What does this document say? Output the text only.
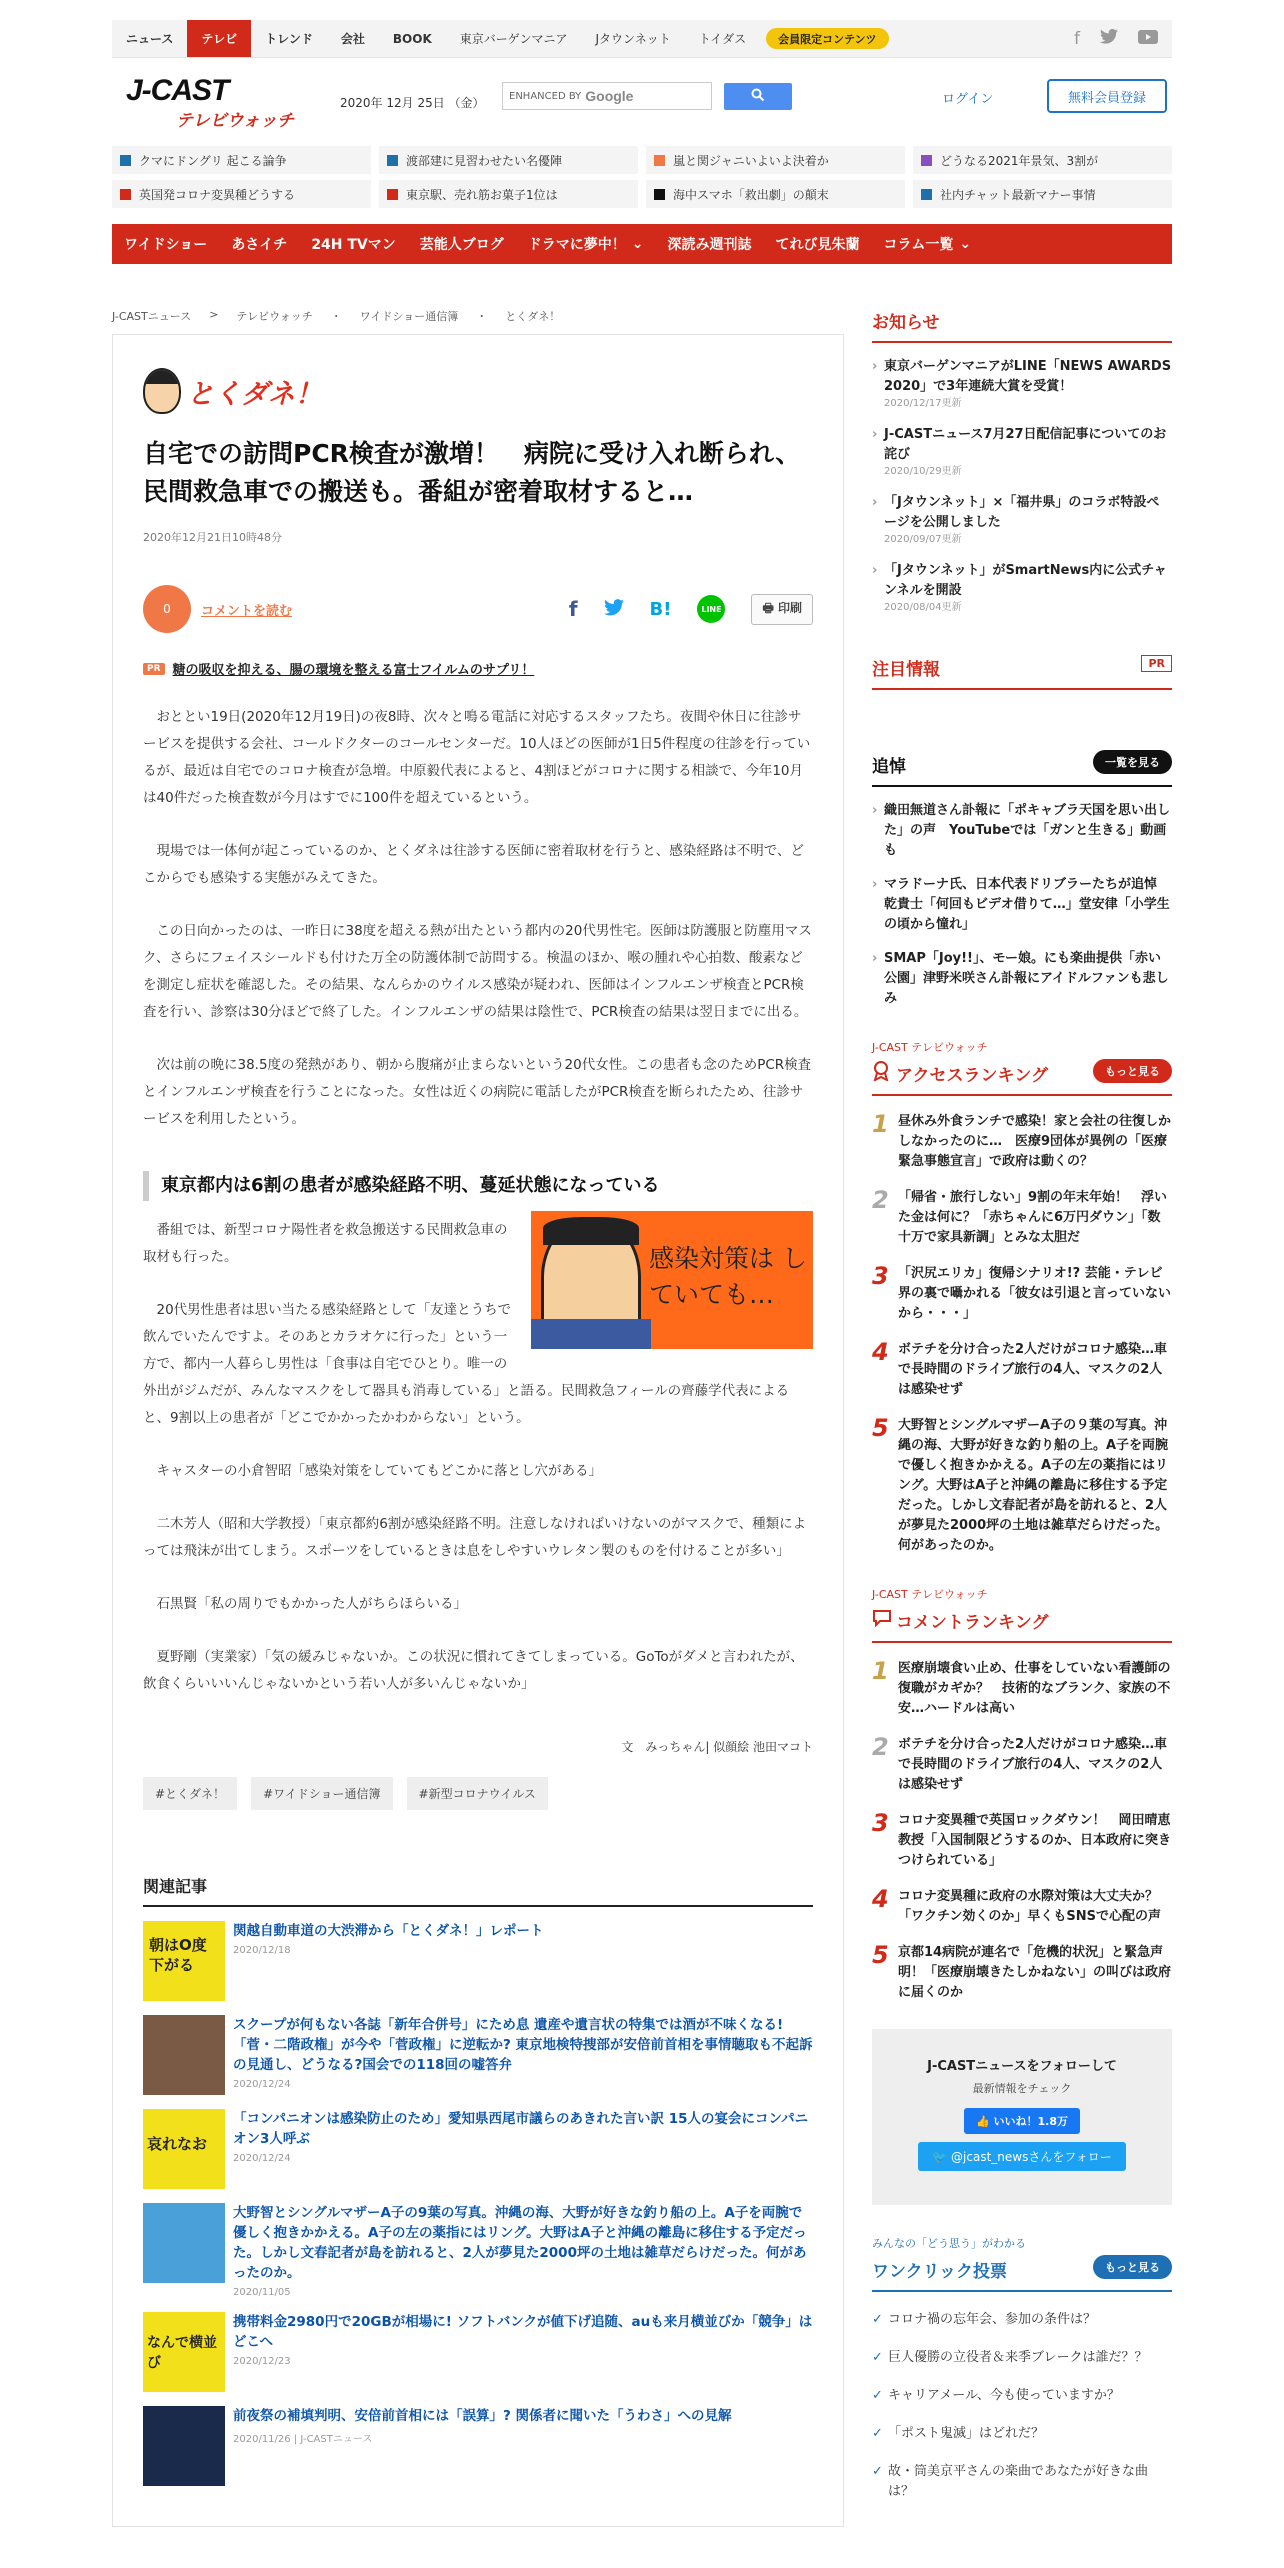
ニュース	テレビ	トレンド	会社	BOOK	東京バーゲンマニア	Jタウンネット	トイダス	会員限定コンテンツ	f
J-CAST
テレビウォッチ
2020年 12月 25日 （金） ENHANCED BY Google	ログイン	無料会員登録
クマにドングリ 起こる論争	渡部建に見習わせたい名優陣	嵐と関ジャニいよいよ決着か	どうなる2021年景気、3割が
英国発コロナ変異種どうする	東京駅、売れ筋お菓子1位は	海中スマホ「救出劇」の顛末	社内チャット最新マナー事情
ワイドショー	あさイチ	24H TVマン	芸能人ブログ	ドラマに夢中！ ⌄	深読み週刊誌	てれび見朱蘭	コラム一覧 ⌄
J-CASTニュース > テレビウォッチ ・ ワイドショー通信簿 ・ とくダネ！
とくダネ！
自宅での訪問PCR検査が激増！　病院に受け入れ断られ、民間救急車での搬送も。番組が密着取材すると…
2020年12月21日10時48分
0	コメントを読む	f	B!	LINE	🖶 印刷
PR 糖の吸収を抑える、腸の環境を整える富士フイルムのサプリ！

おととい19日(2020年12月19日)の夜8時、次々と鳴る電話に対応するスタッフたち。夜間や休日に往診サービスを提供する会社、コールドクターのコールセンターだ。10人ほどの医師が1日5件程度の往診を行っているが、最近は自宅でのコロナ検査が急増。中原毅代表によると、4割ほどがコロナに関する相談で、今年10月は40件だった検査数が今月はすでに100件を超えているという。

現場では一体何が起こっているのか、とくダネは往診する医師に密着取材を行うと、感染経路は不明で、どこからでも感染する実態がみえてきた。

この日向かったのは、一昨日に38度を超える熱が出たという都内の20代男性宅。医師は防護服と防塵用マスク、さらにフェイスシールドも付けた万全の防護体制で訪問する。検温のほか、喉の腫れや心拍数、酸素などを測定し症状を確認した。その結果、なんらかのウイルス感染が疑われ、医師はインフルエンザ検査とPCR検査を行い、診察は30分ほどで終了した。インフルエンザの結果は陰性で、PCR検査の結果は翌日までに出る。

次は前の晩に38.5度の発熱があり、朝から腹痛が止まらないという20代女性。この患者も念のためPCR検査とインフルエンザ検査を行うことになった。女性は近くの病院に電話したがPCR検査を断られたため、往診サービスを利用したという。

東京都内は6割の患者が感染経路不明、蔓延状態になっている
感染対策は していても…

番組では、新型コロナ陽性者を救急搬送する民間救急車の取材も行った。

20代男性患者は思い当たる感染経路として「友達とうちで飲んでいたんですよ。そのあとカラオケに行った」という一方で、都内一人暮らし男性は「食事は自宅でひとり。唯一の外出がジムだが、みんなマスクをして器具も消毒している」と語る。民間救急フィールの齊藤学代表によると、9割以上の患者が「どこでかかったかわからない」という。

キャスターの小倉智昭「感染対策をしていてもどこかに落とし穴がある」

二木芳人（昭和大学教授）「東京都約6割が感染経路不明。注意しなければいけないのがマスクで、種類によっては飛沫が出てしまう。スポーツをしているときは息をしやすいウレタン製のものを付けることが多い」

石黒賢「私の周りでもかかった人がちらほらいる」

夏野剛（実業家）「気の緩みじゃないか。この状況に慣れてきてしまっている。GoToがダメと言われたが、飲食くらいいいんじゃないかという若い人が多いんじゃないか」

文　みっちゃん| 似顔絵 池田マコト
#とくダネ！	#ワイドショー通信簿	#新型コロナウイルス
関連記事
朝はO度 下がる
関越自動車道の大渋滞から「とくダネ！」レポート
2020/12/18
スクープが何もない各誌「新年合併号」にため息 遺産や遺言状の特集では酒が不味くなる! 「菅・二階政権」が今や「菅政権」に逆転か? 東京地検特捜部が安倍前首相を事情聴取も不起訴の見通し、どうなる?国会での118回の嘘答弁
2020/12/24
哀れなお
「コンパニオンは感染防止のため」愛知県西尾市議らのあきれた言い訳 15人の宴会にコンパニオン3人呼ぶ
2020/12/24
大野智とシングルマザーA子の9葉の写真。沖縄の海、大野が好きな釣り船の上。A子を両腕で優しく抱きかかえる。A子の左の薬指にはリング。大野はA子と沖縄の離島に移住する予定だった。しかし文春記者が島を訪れると、2人が夢見た2000坪の土地は雑草だらけだった。何があったのか。
2020/11/05
なんで横並び
携帯料金2980円で20GBが相場に! ソフトバンクが値下げ追随、auも来月横並びか「競争」はどこへ
2020/12/23
前夜祭の補填判明、安倍前首相には「誤算」? 関係者に聞いた「うわさ」への見解
2020/11/26 | J-CASTニュース
お知らせ
› 東京バーゲンマニアがLINE「NEWS AWARDS 2020」で3年連続大賞を受賞！
2020/12/17更新
› J-CASTニュース7月27日配信記事についてのお詫び
2020/10/29更新
› 「Jタウンネット」×「福井県」のコラボ特設ページを公開しました
2020/09/07更新
› 「Jタウンネット」がSmartNews内に公式チャンネルを開設
2020/08/04更新
注目情報	PR
追悼	一覧を見る
› 織田無道さん訃報に「ポキャブラ天国を思い出した」の声　YouTubeでは「ガンと生きる」動画も
› マラドーナ氏、日本代表ドリブラーたちが追悼　乾貴士「何回もビデオ借りて…」堂安律「小学生の頃から憧れ」
› SMAP「Joy!!」、モー娘。にも楽曲提供「赤い公園」津野米咲さん訃報にアイドルファンも悲しみ
J-CAST テレビウォッチ
アクセスランキング	もっと見る
1 昼休み外食ランチで感染！家と会社の往復しかしなかったのに…　医療9団体が異例の「医療緊急事態宣言」で政府は動くの？
2 「帰省・旅行しない」9割の年末年始！　浮いた金は何に？「赤ちゃんに6万円ダウン」「数十万で家具新調」とみな太胆だ
3 「沢尻エリカ」復帰シナリオ!? 芸能・テレビ界の裏で囁かれる「彼女は引退と言っていないから・・・」
4 ボテチを分け合った2人だけがコロナ感染…車で長時間のドライブ旅行の4人、マスクの2人は感染せず
5 大野智とシングルマザーA子の９葉の写真。沖縄の海、大野が好きな釣り船の上。A子を両腕で優しく抱きかかえる。A子の左の薬指にはリング。大野はA子と沖縄の離島に移住する予定だった。しかし文春記者が島を訪れると、2人が夢見た2000坪の土地は雑草だらけだった。何があったのか。
J-CAST テレビウォッチ
コメントランキング
1 医療崩壊食い止め、仕事をしていない看護師の復職がカギか？　技術的なブランク、家族の不安…ハードルは高い
2 ボテチを分け合った2人だけがコロナ感染…車で長時間のドライブ旅行の4人、マスクの2人は感染せず
3 コロナ変異種で英国ロックダウン！　岡田晴恵教授「入国制限どうするのか、日本政府に突きつけられている」
4 コロナ変異種に政府の水際対策は大丈夫か？　「ワクチン効くのか」早くもSNSで心配の声
5 京都14病院が連名で「危機的状況」と緊急声明！「医療崩壊きたしかねない」の叫びは政府に届くのか
J-CASTニュースをフォローして
最新情報をチェック
👍 いいね！1.8万
🐦 @jcast_newsさんをフォロー
みんなの「どう思う」がわかる
ワンクリック投票	もっと見る
✓ コロナ禍の忘年会、参加の条件は？
✓ 巨人優勝の立役者＆来季ブレークは誰だ？？
✓ キャリアメール、今も使っていますか？
✓ 「ポスト鬼滅」はどれだ？
✓ 故・筒美京平さんの楽曲であなたが好きな曲は？
